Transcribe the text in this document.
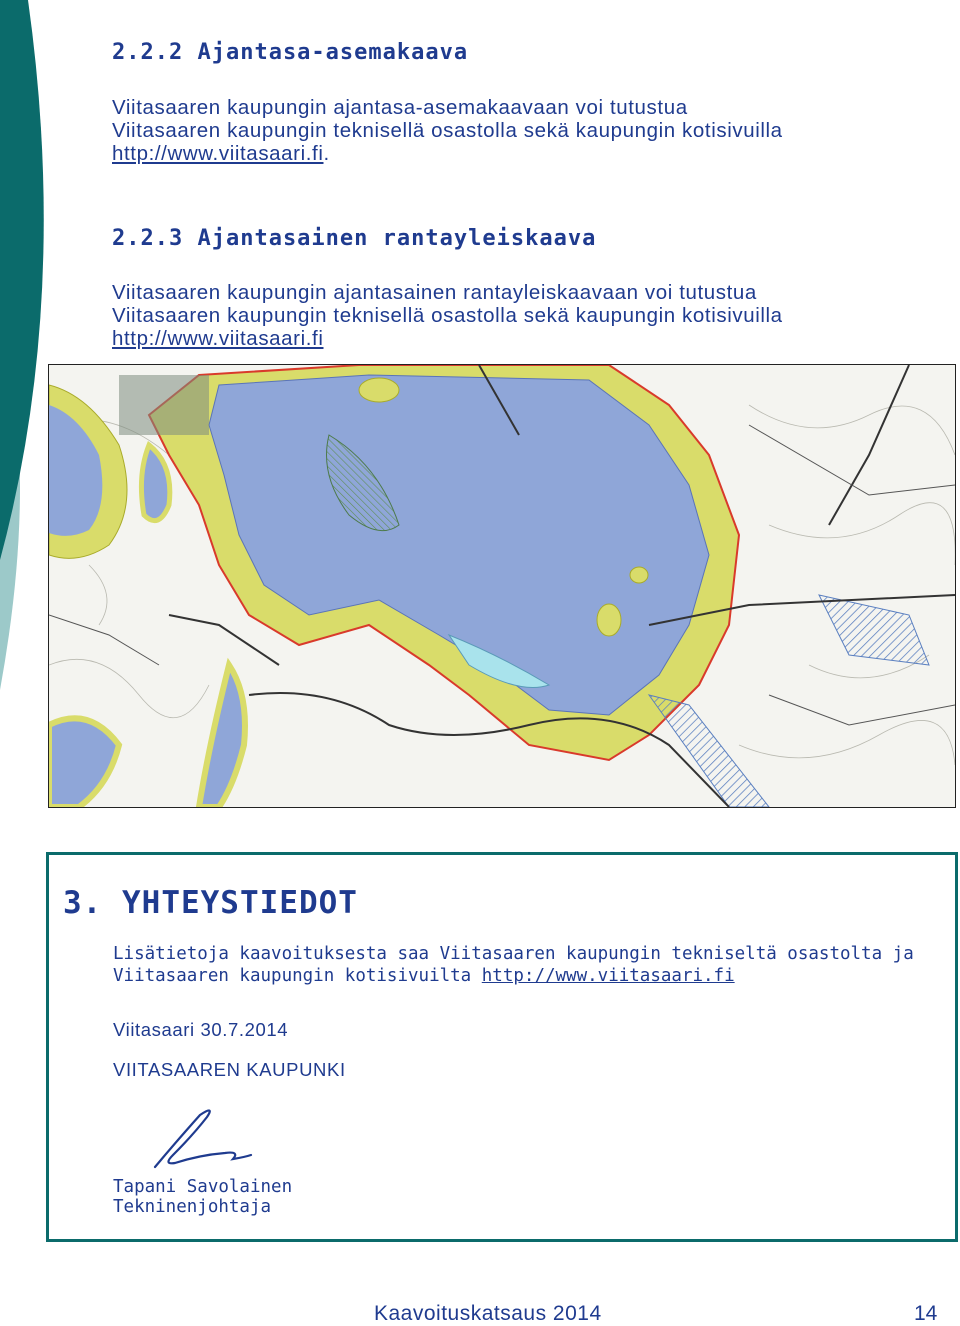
2.2.2 Ajantasa-asemakaava

Viitasaaren kaupungin ajantasa-asemakaavaan voi tutustua
Viitasaaren kaupungin teknisellä osastolla sekä kaupungin kotisivuilla
http://www.viitasaari.fi.

2.2.3 Ajantasainen rantayleiskaava

Viitasaaren kaupungin ajantasainen rantayleiskaavaan voi tutustua
Viitasaaren kaupungin teknisellä osastolla sekä kaupungin kotisivuilla
http://www.viitasaari.fi

3. YHTEYSTIEDOT

Lisätietoja kaavoituksesta saa Viitasaaren kaupungin tekniseltä osastolta ja
Viitasaaren kaupungin kotisivuilta http://www.viitasaari.fi

Viitasaari 30.7.2014

VIITASAAREN KAUPUNKI

Tapani Savolainen
Tekninenjohtaja

Kaavoituskatsaus 2014	14
